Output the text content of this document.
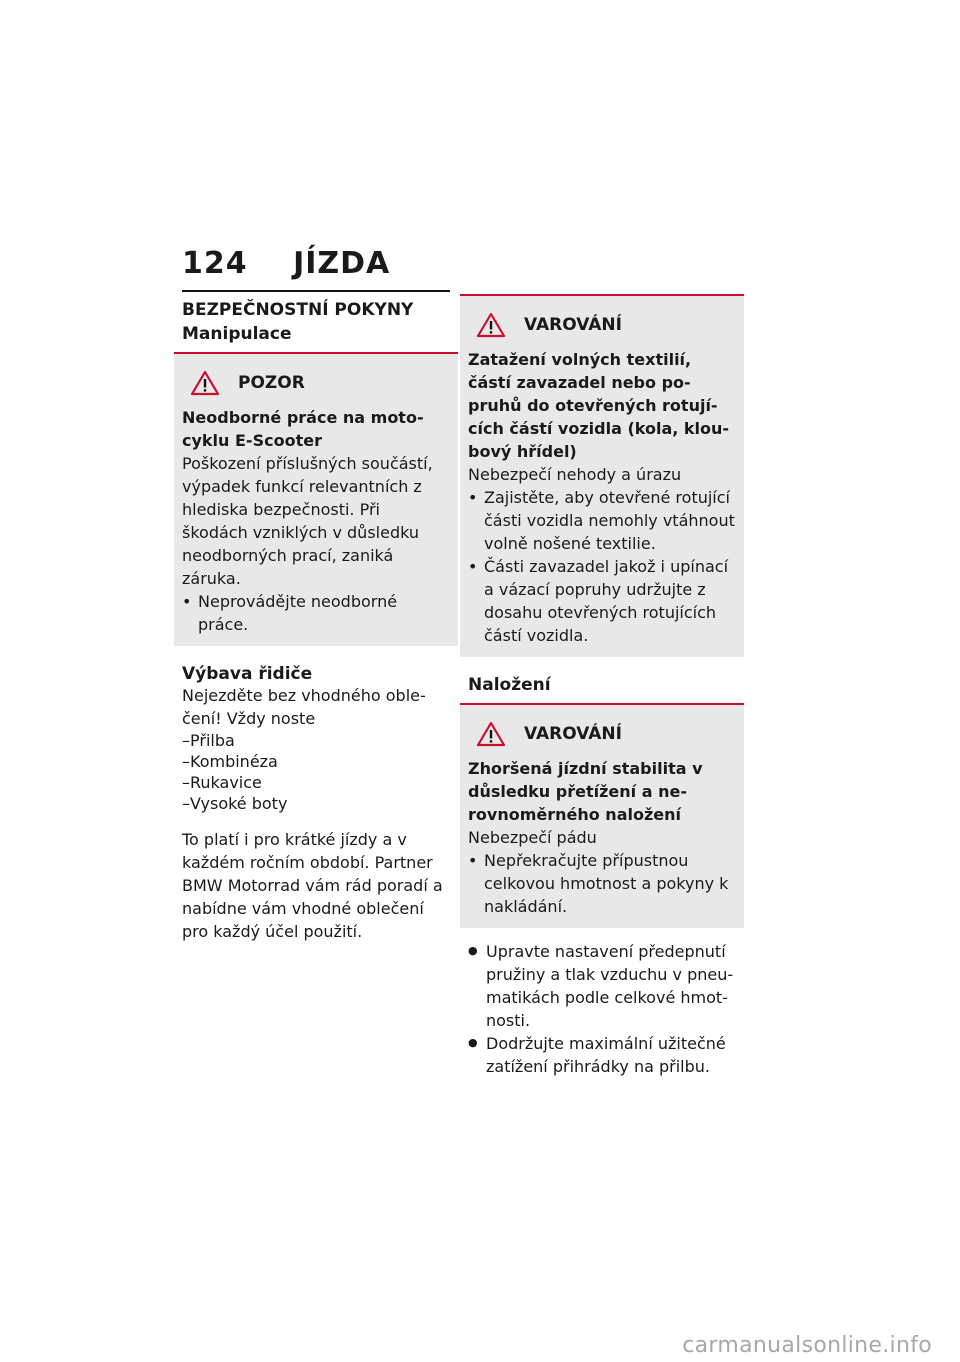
124 JÍZDA

BEZPEČNOSTNÍ POKYNY

Manipulace

POZOR
Neodborné práce na motocyklu E-Scooter

Poškození příslušných součástí, výpadek funkcí relevantních z hlediska bezpečnosti. Při škodách vzniklých v důsledku neodborných prací, zaniká záruka.

• Neprovádějte neodborné práce.

Výbava řidiče

Nejezděte bez vhodného oblečení! Vždy noste

– Přilba
– Kombinéza
– Rukavice
– Vysoké boty

To platí i pro krátké jízdy a v každém ročním období. Partner BMW Motorrad vám rád poradí a nabídne vám vhodné oblečení pro každý účel použití.

VAROVÁNÍ
Zatažení volných textilií, částí zavazadel nebo popruhů do otevřených rotujících částí vozidla (kola, kloubový hřídel)

Nebezpečí nehody a úrazu

• Zajistěte, aby otevřené rotující části vozidla nemohly vtáhnout volně nošené textilie.
• Části zavazadel jakož i upínací a vázací popruhy udržujte z dosahu otevřených rotujících částí vozidla.

Naložení

VAROVÁNÍ
Zhoršená jízdní stabilita v důsledku přetížení a nerovnoměrného naložení

Nebezpečí pádu

• Nepřekračujte přípustnou celkovou hmotnost a pokyny k nakládání.
● Upravte nastavení předepnutí pružiny a tlak vzduchu v pneumatikách podle celkové hmotnosti.
● Dodržujte maximální užitečné zatížení přihrádky na přilbu.
carmanualsonline.info
